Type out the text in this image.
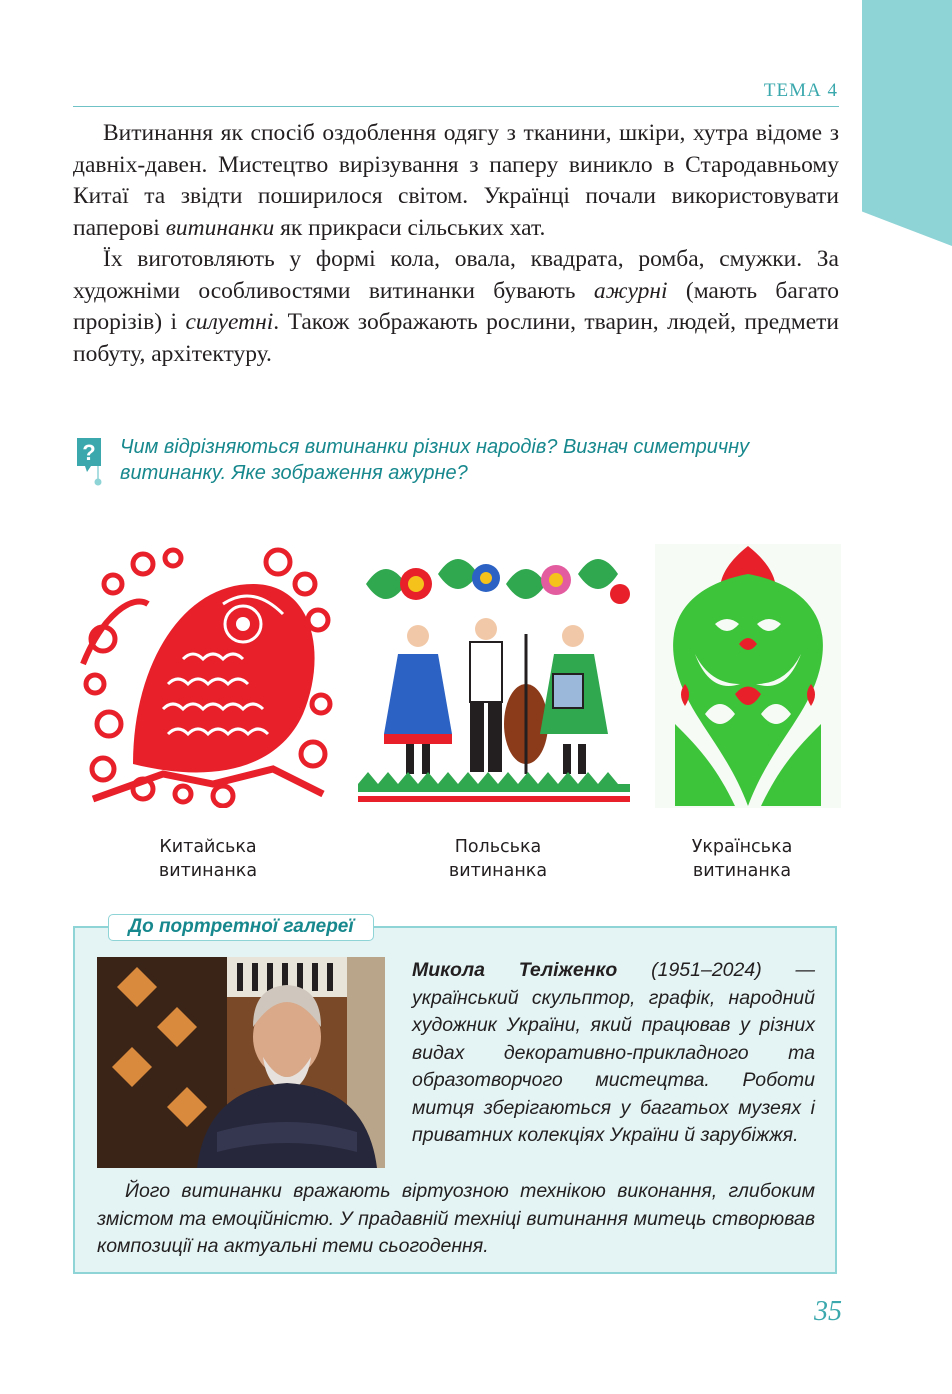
ТЕМА 4

Витинання як спосіб оздоблення одягу з тканини, шкіри, хутра відоме з давніх-давен. Мистецтво вирізування з паперу виникло в Стародавньому Китаї та звідти поширилося світом. Українці почали використовувати паперові витинанки як прикраси сільських хат.

Їх виготовляють у формі кола, овала, квадрата, ромба, смужки. За художніми особливостями витинанки бувають ажурні (мають багато прорізів) і силуетні. Також зображають рослини, тварин, людей, предмети побуту, архітектуру.

? Чим відрізняються витинанки різних народів? Визнач симетричну витинанку. Яке зображення ажурне?
Китайська
витинанка
Польська
витинанка
Українська
витинанка
До портретної галереї
Микола Теліженко (1951–2024) — український скульптор, графік, народний художник України, який працював у різних видах декоративно-прикладного та образотворчого мистецтва. Роботи митця зберігаються у багатьох музеях і приватних колекціях України й зарубіжжя.

Його витинанки вражають віртуозною технікою виконання, глибоким змістом та емоційністю. У прадавній техніці витинання митець створював композиції на актуальні теми сьогодення.

35
